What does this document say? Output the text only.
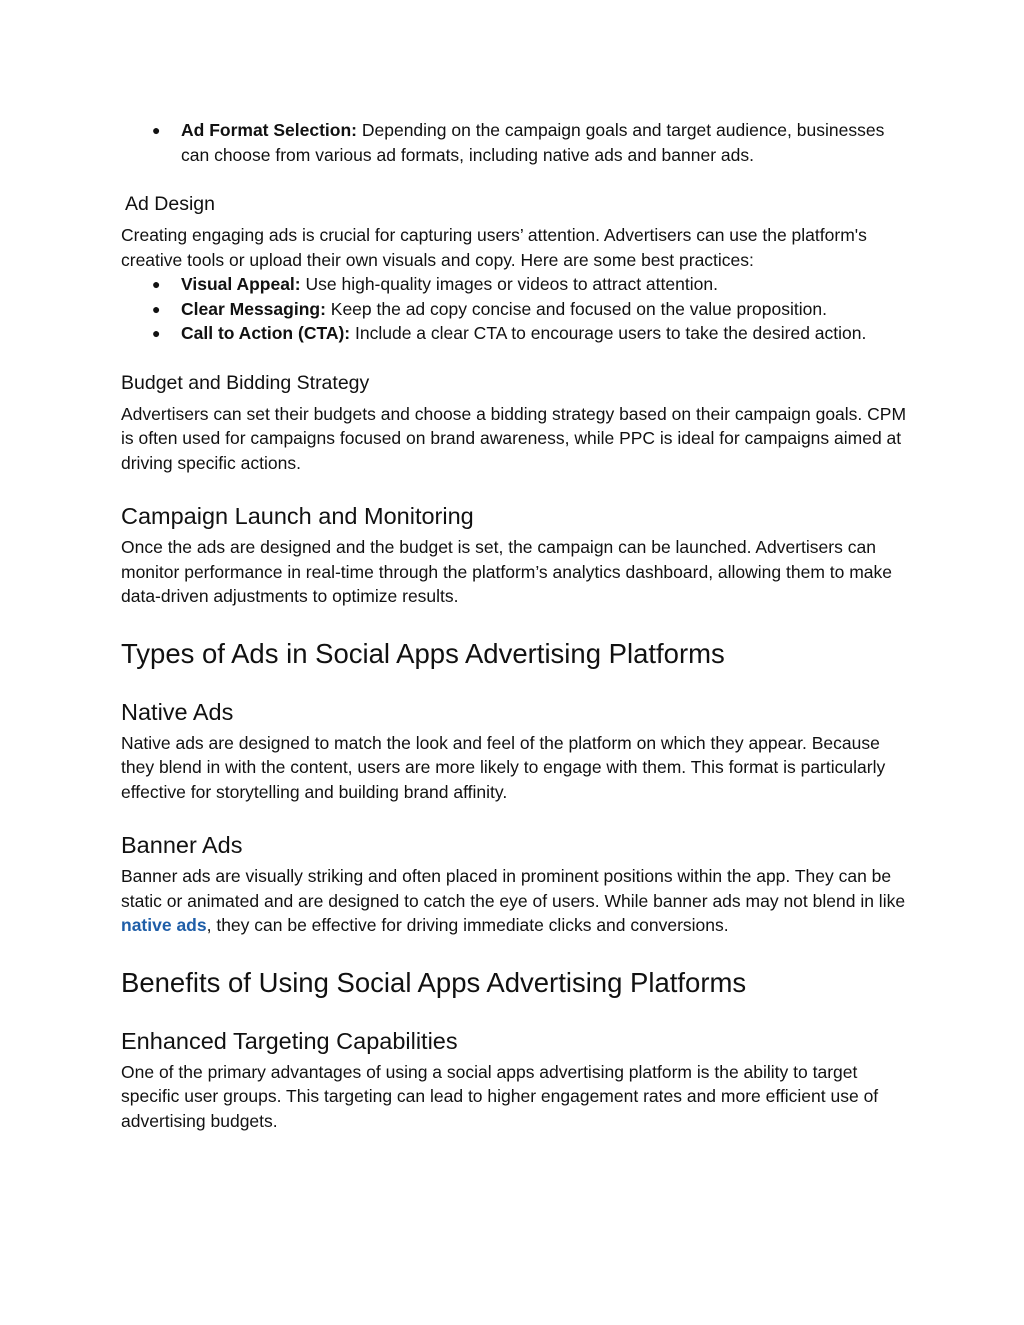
● Ad Format Selection: Depending on the campaign goals and target audience, businesses can choose from various ad formats, including native ads and banner ads.
Ad Design

Creating engaging ads is crucial for capturing users’ attention. Advertisers can use the platform's creative tools or upload their own visuals and copy. Here are some best practices:

● Visual Appeal: Use high-quality images or videos to attract attention.
● Clear Messaging: Keep the ad copy concise and focused on the value proposition.
● Call to Action (CTA): Include a clear CTA to encourage users to take the desired action.
Budget and Bidding Strategy

Advertisers can set their budgets and choose a bidding strategy based on their campaign goals. CPM is often used for campaigns focused on brand awareness, while PPC is ideal for campaigns aimed at driving specific actions.

Campaign Launch and Monitoring

Once the ads are designed and the budget is set, the campaign can be launched. Advertisers can monitor performance in real-time through the platform’s analytics dashboard, allowing them to make data-driven adjustments to optimize results.

Types of Ads in Social Apps Advertising Platforms
Native Ads

Native ads are designed to match the look and feel of the platform on which they appear. Because they blend in with the content, users are more likely to engage with them. This format is particularly effective for storytelling and building brand affinity.

Banner Ads

Banner ads are visually striking and often placed in prominent positions within the app. They can be static or animated and are designed to catch the eye of users. While banner ads may not blend in like native ads, they can be effective for driving immediate clicks and conversions.

Benefits of Using Social Apps Advertising Platforms
Enhanced Targeting Capabilities

One of the primary advantages of using a social apps advertising platform is the ability to target specific user groups. This targeting can lead to higher engagement rates and more efficient use of advertising budgets.
